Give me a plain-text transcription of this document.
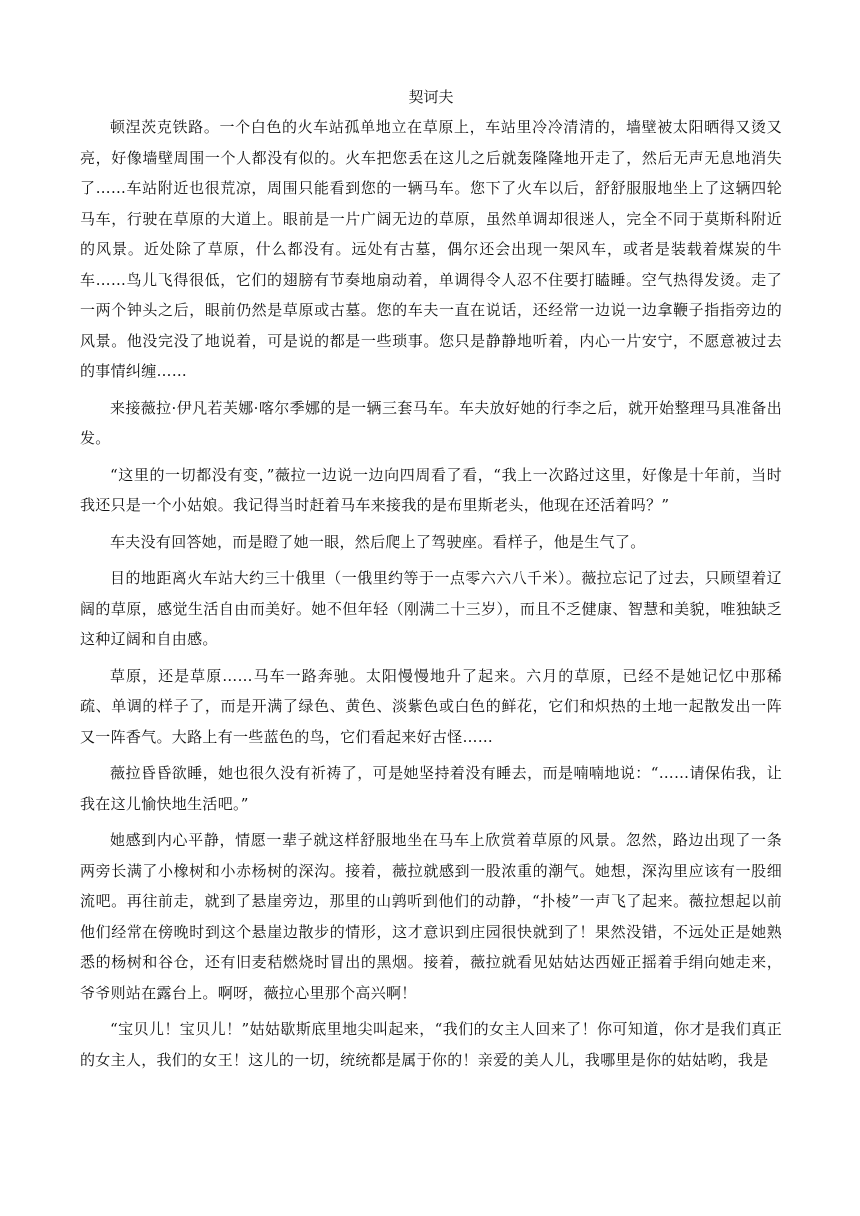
契诃夫

顿涅茨克铁路。一个白色的火车站孤单地立在草原上，车站里冷冷清清的，墙壁被太阳晒得又烫又亮，好像墙壁周围一个人都没有似的。火车把您丢在这儿之后就轰隆隆地开走了，然后无声无息地消失了……车站附近也很荒凉，周围只能看到您的一辆马车。您下了火车以后，舒舒服服地坐上了这辆四轮马车，行驶在草原的大道上。眼前是一片广阔无边的草原，虽然单调却很迷人，完全不同于莫斯科附近的风景。近处除了草原，什么都没有。远处有古墓，偶尔还会出现一架风车，或者是装载着煤炭的牛车……鸟儿飞得很低，它们的翅膀有节奏地扇动着，单调得令人忍不住要打瞌睡。空气热得发烫。走了一两个钟头之后，眼前仍然是草原或古墓。您的车夫一直在说话，还经常一边说一边拿鞭子指指旁边的风景。他没完没了地说着，可是说的都是一些琐事。您只是静静地听着，内心一片安宁，不愿意被过去的事情纠缠……

来接薇拉·伊凡若芙娜·喀尔季娜的是一辆三套马车。车夫放好她的行李之后，就开始整理马具准备出发。

“这里的一切都没有变，”薇拉一边说一边向四周看了看，“我上一次路过这里，好像是十年前，当时我还只是一个小姑娘。我记得当时赶着马车来接我的是布里斯老头，他现在还活着吗？”

车夫没有回答她，而是瞪了她一眼，然后爬上了驾驶座。看样子，他是生气了。

目的地距离火车站大约三十俄里（一俄里约等于一点零六六八千米）。薇拉忘记了过去，只顾望着辽阔的草原，感觉生活自由而美好。她不但年轻（刚满二十三岁），而且不乏健康、智慧和美貌，唯独缺乏这种辽阔和自由感。

草原，还是草原……马车一路奔驰。太阳慢慢地升了起来。六月的草原，已经不是她记忆中那稀疏、单调的样子了，而是开满了绿色、黄色、淡紫色或白色的鲜花，它们和炽热的土地一起散发出一阵又一阵香气。大路上有一些蓝色的鸟，它们看起来好古怪……

薇拉昏昏欲睡，她也很久没有祈祷了，可是她坚持着没有睡去，而是喃喃地说：“……请保佑我，让我在这儿愉快地生活吧。”

她感到内心平静，情愿一辈子就这样舒服地坐在马车上欣赏着草原的风景。忽然，路边出现了一条两旁长满了小橡树和小赤杨树的深沟。接着，薇拉就感到一股浓重的潮气。她想，深沟里应该有一股细流吧。再往前走，就到了悬崖旁边，那里的山鹑听到他们的动静，“扑棱”一声飞了起来。薇拉想起以前他们经常在傍晚时到这个悬崖边散步的情形，这才意识到庄园很快就到了！果然没错，不远处正是她熟悉的杨树和谷仓，还有旧麦秸燃烧时冒出的黑烟。接着，薇拉就看见姑姑达西娅正摇着手绢向她走来，爷爷则站在露台上。啊呀，薇拉心里那个高兴啊！

“宝贝儿！宝贝儿！”姑姑歇斯底里地尖叫起来，“我们的女主人回来了！你可知道，你才是我们真正的女主人，我们的女王！这儿的一切，统统都是属于你的！亲爱的美人儿，我哪里是你的姑姑哟，我是
